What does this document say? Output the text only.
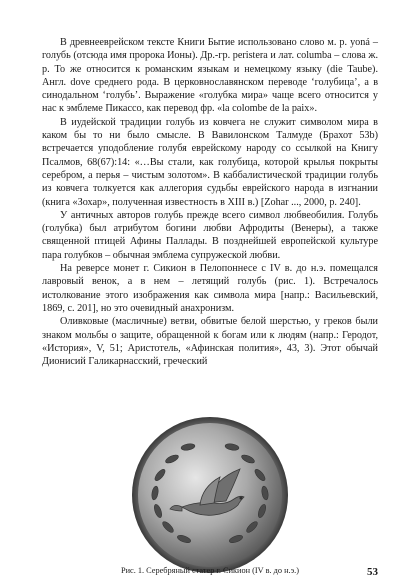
В древнееврейском тексте Книги Бытие использовано слово м. р. yoná – голубь (отсюда имя пророка Ионы). Др.-гр. peristera и лат. columba – слова ж. р. То же относится к романским языкам и немецкому языку (die Taube). Англ. dove среднего рода. В церковнославянском переводе ‘голубица’, а в синодальном ‘голубь’. Выражение «голубка мира» чаще всего относится у нас к эмблеме Пикассо, как перевод фр. «la colombe de la paix».

В иудейской традиции голубь из ковчега не служит символом мира в каком бы то ни было смысле. В Вавилонском Талмуде (Брахот 53b) встречается уподобление голубя еврейскому народу со ссылкой на Книгу Псалмов, 68(67):14: «…Вы стали, как голубица, которой крылья покрыты серебром, а перья – чистым золотом». В каббалистической традиции голубь из ковчега толкуется как аллегория судьбы еврейского народа в изгнании (книга «Зохар», полученная известность в XIII в.) [Zohar ..., 2000, p. 240].

У античных авторов голубь прежде всего символ любвеобилия. Голубь (голубка) был атрибутом богини любви Афродиты (Венеры), а также священной птицей Афины Паллады. В позднейшей европейской культуре пара голубков – обычная эмблема супружеской любви.

На реверсе монет г. Сикион в Пелопоннесе с IV в. до н.э. помещался лавровый венок, а в нем – летящий голубь (рис. 1). Встречалось истолкование этого изображения как символа мира [напр.: Васильевский, 1869, с. 201], но это очевидный анахронизм.

Оливковые (масличные) ветви, обвитые белой шерстью, у греков были знаком мольбы о защите, обращенной к богам или к людям (напр.: Геродот, «История», V, 51; Аристотель, «Афинская полития», 43, 3). Этот обычай Дионисий Галикарнасский, греческий

Рис. 1. Серебряный статер г. Сикион (IV в. до н.э.)	53
